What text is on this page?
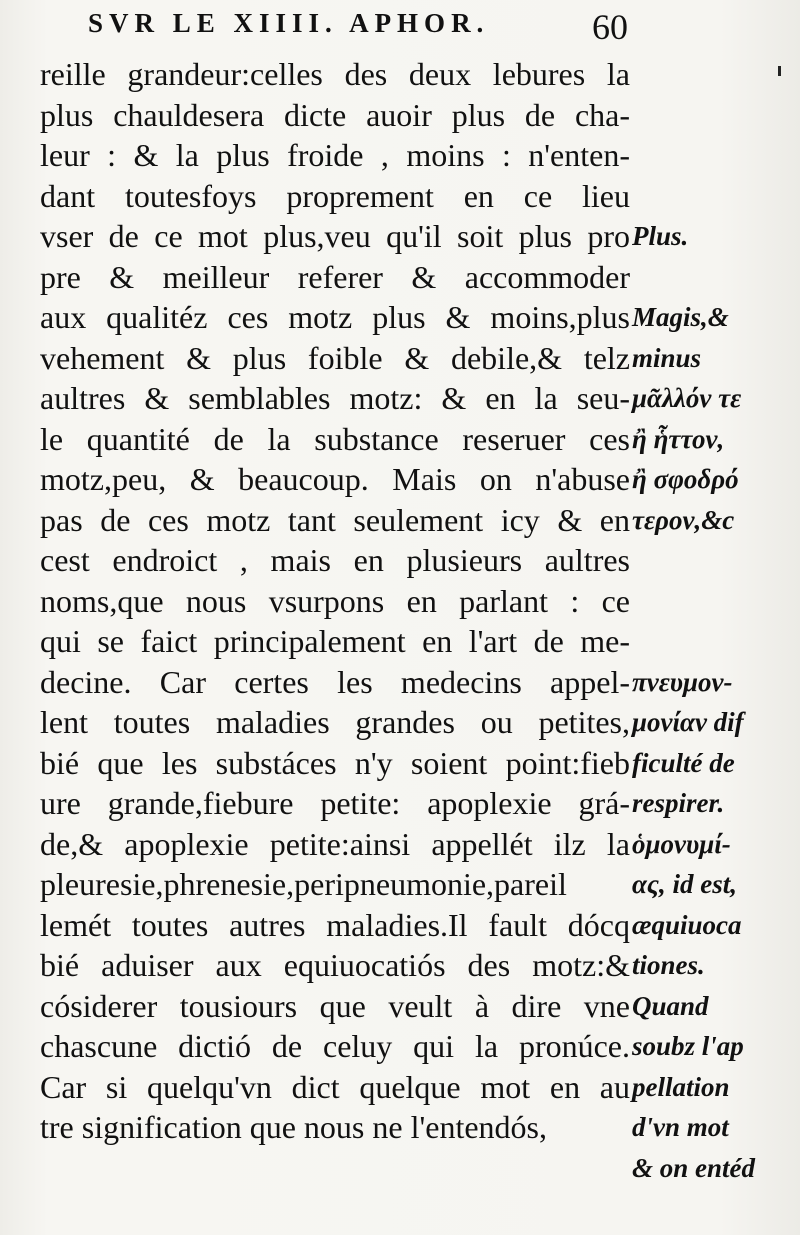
SVR LE XIIII. APHOR.	60
reille grandeur:celles des deux lebures la
plus chauldesera dicte auoir plus de cha-
leur : & la plus froide , moins : n'enten-
dant toutesfoys proprement en ce lieu
vser de ce mot plus,veu qu'il soit plus pro
pre & meilleur referer & accommoder
aux qualitéz ces motz plus & moins,plus
vehement & plus foible & debile,& telz
aultres & semblables motz: & en la seu-
le quantité de la substance reseruer ces
motz,peu, & beaucoup. Mais on n'abuse
pas de ces motz tant seulement icy & en
cest endroict , mais en plusieurs aultres
noms,que nous vsurpons en parlant : ce
qui se faict principalement en l'art de me-
decine. Car certes les medecins appel-
lent toutes maladies grandes ou petites,
bié que les substáces n'y soient point:fieb
ure grande,fiebure petite: apoplexie grá-
de,& apoplexie petite:ainsi appellét ilz la
pleuresie,phrenesie,peripneumonie,pareil
lemét toutes autres maladies.Il fault dócq
bié aduiser aux equiuocatiós des motz:&
cósiderer tousiours que veult à dire vne
chascune dictió de celuy qui la pronúce.
Car si quelqu'vn dict quelque mot en au
tre signification que nous ne l'entendós,
Plus.
Magis,&
minus
μᾶλλόν τε
ἢ ἧττον,
ἢ σφοδρό
τερον,&c
πνευμον-
μονίαν dif
ficulté de
respirer.
ὁμονυμί-
ας, id est,
æquiuoca
tiones.
Quand
soubz l'ap
pellation
d'vn mot
& on entéd
